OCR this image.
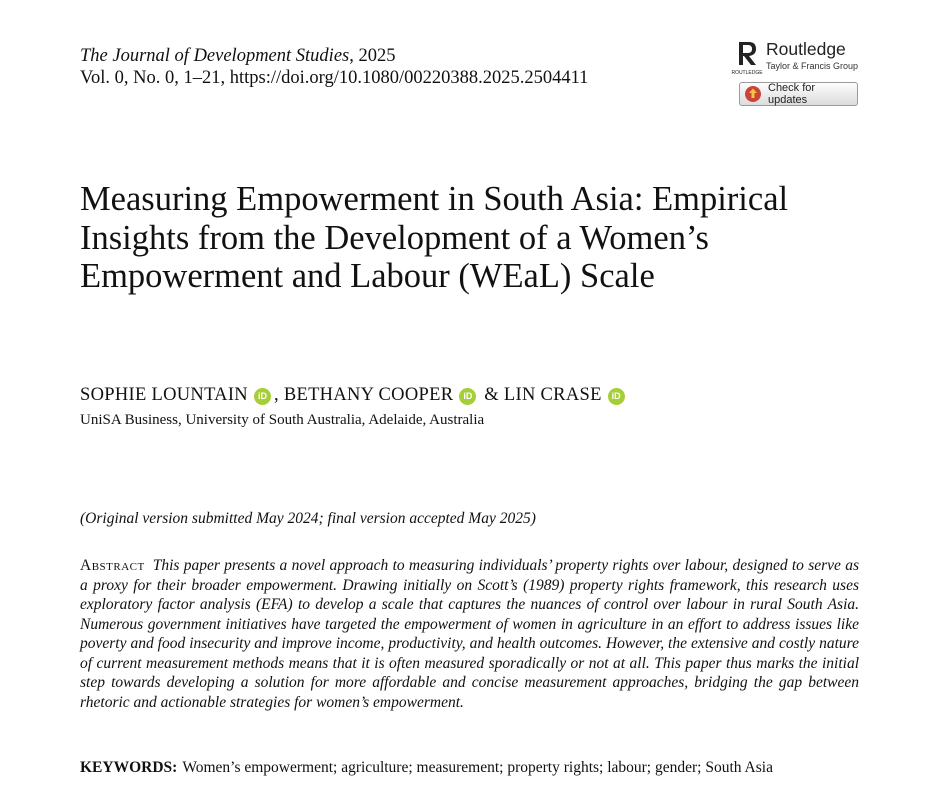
The Journal of Development Studies, 2025
Vol. 0, No. 0, 1–21, https://doi.org/10.1080/00220388.2025.2504411	ROUTLEDGE
Routledge
Taylor & Francis Group
Check for updates
Measuring Empowerment in South Asia: Empirical Insights from the Development of a Women’s Empowerment and Labour (WEaL) Scale
SOPHIE LOUNTAIN iD , BETHANY COOPER iD & LIN CRASE iD
UniSA Business, University of South Australia, Adelaide, Australia
(Original version submitted May 2024; final version accepted May 2025)

Abstract This paper presents a novel approach to measuring individuals’ property rights over labour, designed to serve as a proxy for their broader empowerment. Drawing initially on Scott’s (1989) property rights framework, this research uses exploratory factor analysis (EFA) to develop a scale that captures the nuances of control over labour in rural South Asia. Numerous government initiatives have targeted the empowerment of women in agriculture in an effort to address issues like poverty and food insecurity and improve income, productivity, and health outcomes. However, the extensive and costly nature of current measurement methods means that it is often measured sporadically or not at all. This paper thus marks the initial step towards developing a solution for more affordable and concise measurement approaches, bridging the gap between rhetoric and actionable strategies for women’s empowerment.

KEYWORDS: Women’s empowerment; agriculture; measurement; property rights; labour; gender; South Asia
